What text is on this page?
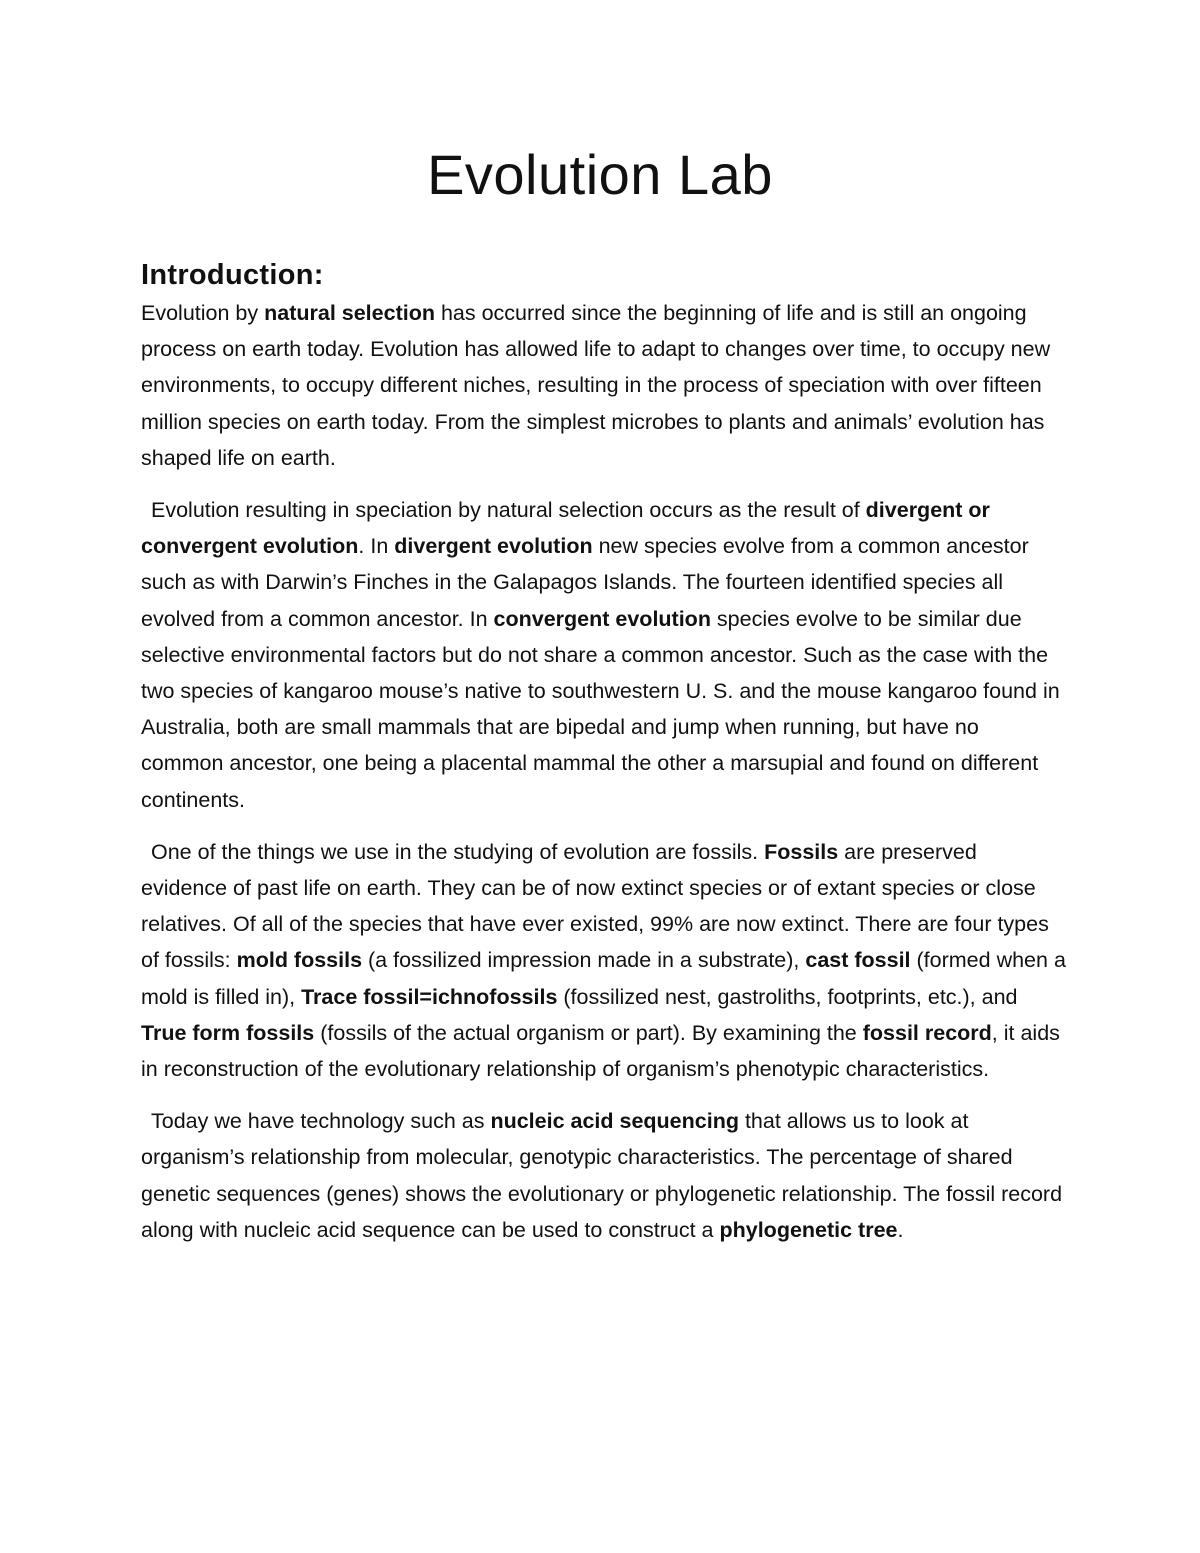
Evolution Lab
Introduction:

Evolution by natural selection has occurred since the beginning of life and is still an ongoing process on earth today. Evolution has allowed life to adapt to changes over time, to occupy new environments, to occupy different niches, resulting in the process of speciation with over fifteen million species on earth today. From the simplest microbes to plants and animals’ evolution has shaped life on earth.

Evolution resulting in speciation by natural selection occurs as the result of divergent or convergent evolution. In divergent evolution new species evolve from a common ancestor such as with Darwin’s Finches in the Galapagos Islands. The fourteen identified species all evolved from a common ancestor. In convergent evolution species evolve to be similar due selective environmental factors but do not share a common ancestor. Such as the case with the two species of kangaroo mouse’s native to southwestern U. S. and the mouse kangaroo found in Australia, both are small mammals that are bipedal and jump when running, but have no common ancestor, one being a placental mammal the other a marsupial and found on different continents.

One of the things we use in the studying of evolution are fossils. Fossils are preserved evidence of past life on earth. They can be of now extinct species or of extant species or close relatives. Of all of the species that have ever existed, 99% are now extinct. There are four types of fossils: mold fossils (a fossilized impression made in a substrate), cast fossil (formed when a mold is filled in), Trace fossil=ichnofossils (fossilized nest, gastroliths, footprints, etc.), and True form fossils (fossils of the actual organism or part). By examining the fossil record, it aids in reconstruction of the evolutionary relationship of organism’s phenotypic characteristics.

Today we have technology such as nucleic acid sequencing that allows us to look at organism’s relationship from molecular, genotypic characteristics. The percentage of shared genetic sequences (genes) shows the evolutionary or phylogenetic relationship. The fossil record along with nucleic acid sequence can be used to construct a phylogenetic tree.
